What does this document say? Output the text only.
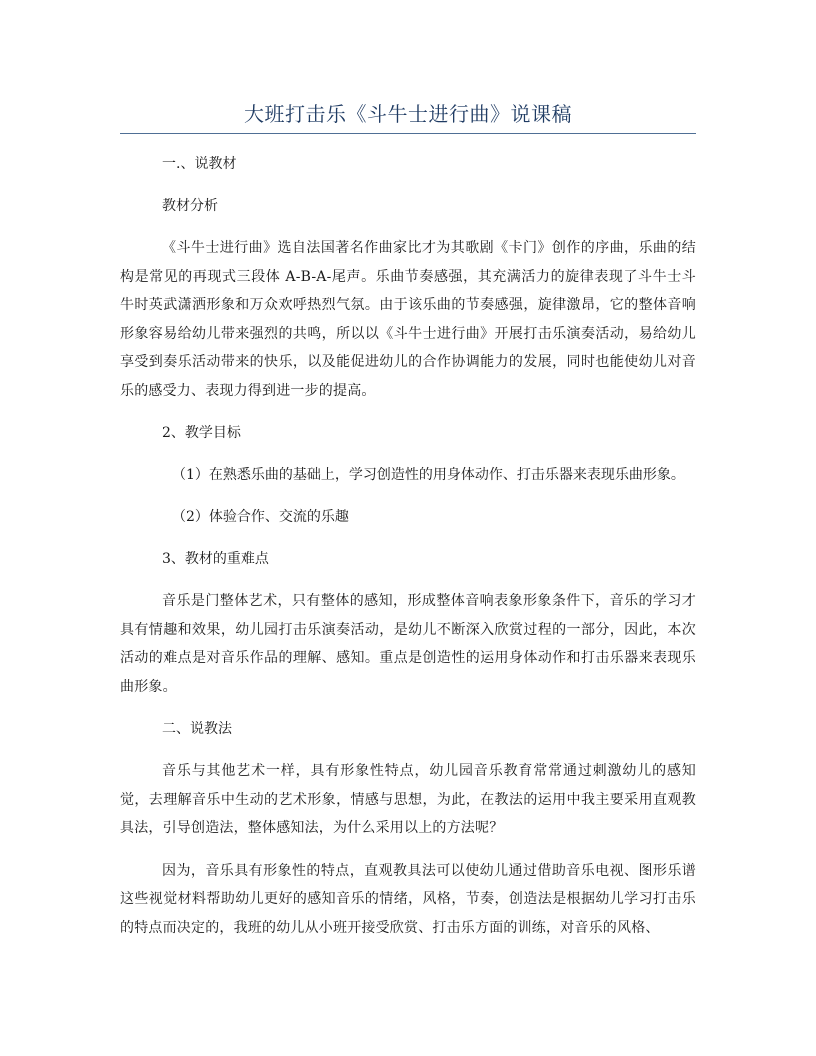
大班打击乐《斗牛士进行曲》说课稿

一.、说教材

教材分析

《斗牛士进行曲》选自法国著名作曲家比才为其歌剧《卡门》创作的序曲，乐曲的结构是常见的再现式三段体 A-B-A-尾声。乐曲节奏感强，其充满活力的旋律表现了斗牛士斗牛时英武潇洒形象和万众欢呼热烈气氛。由于该乐曲的节奏感强，旋律激昂，它的整体音响形象容易给幼儿带来强烈的共鸣，所以以《斗牛士进行曲》开展打击乐演奏活动，易给幼儿享受到奏乐活动带来的快乐，以及能促进幼儿的合作协调能力的发展，同时也能使幼儿对音乐的感受力、表现力得到进一步的提高。

2、教学目标

（1）在熟悉乐曲的基础上，学习创造性的用身体动作、打击乐器来表现乐曲形象。

（2）体验合作、交流的乐趣

3、教材的重难点

音乐是门整体艺术，只有整体的感知，形成整体音响表象形象条件下，音乐的学习才具有情趣和效果，幼儿园打击乐演奏活动，是幼儿不断深入欣赏过程的一部分，因此，本次活动的难点是对音乐作品的理解、感知。重点是创造性的运用身体动作和打击乐器来表现乐曲形象。

二、说教法

音乐与其他艺术一样，具有形象性特点，幼儿园音乐教育常常通过刺激幼儿的感知觉，去理解音乐中生动的艺术形象，情感与思想，为此，在教法的运用中我主要采用直观教具法，引导创造法，整体感知法，为什么采用以上的方法呢？

因为，音乐具有形象性的特点，直观教具法可以使幼儿通过借助音乐电视、图形乐谱这些视觉材料帮助幼儿更好的感知音乐的情绪，风格，节奏，创造法是根据幼儿学习打击乐的特点而决定的，我班的幼儿从小班开接受欣赏、打击乐方面的训练，对音乐的风格、
